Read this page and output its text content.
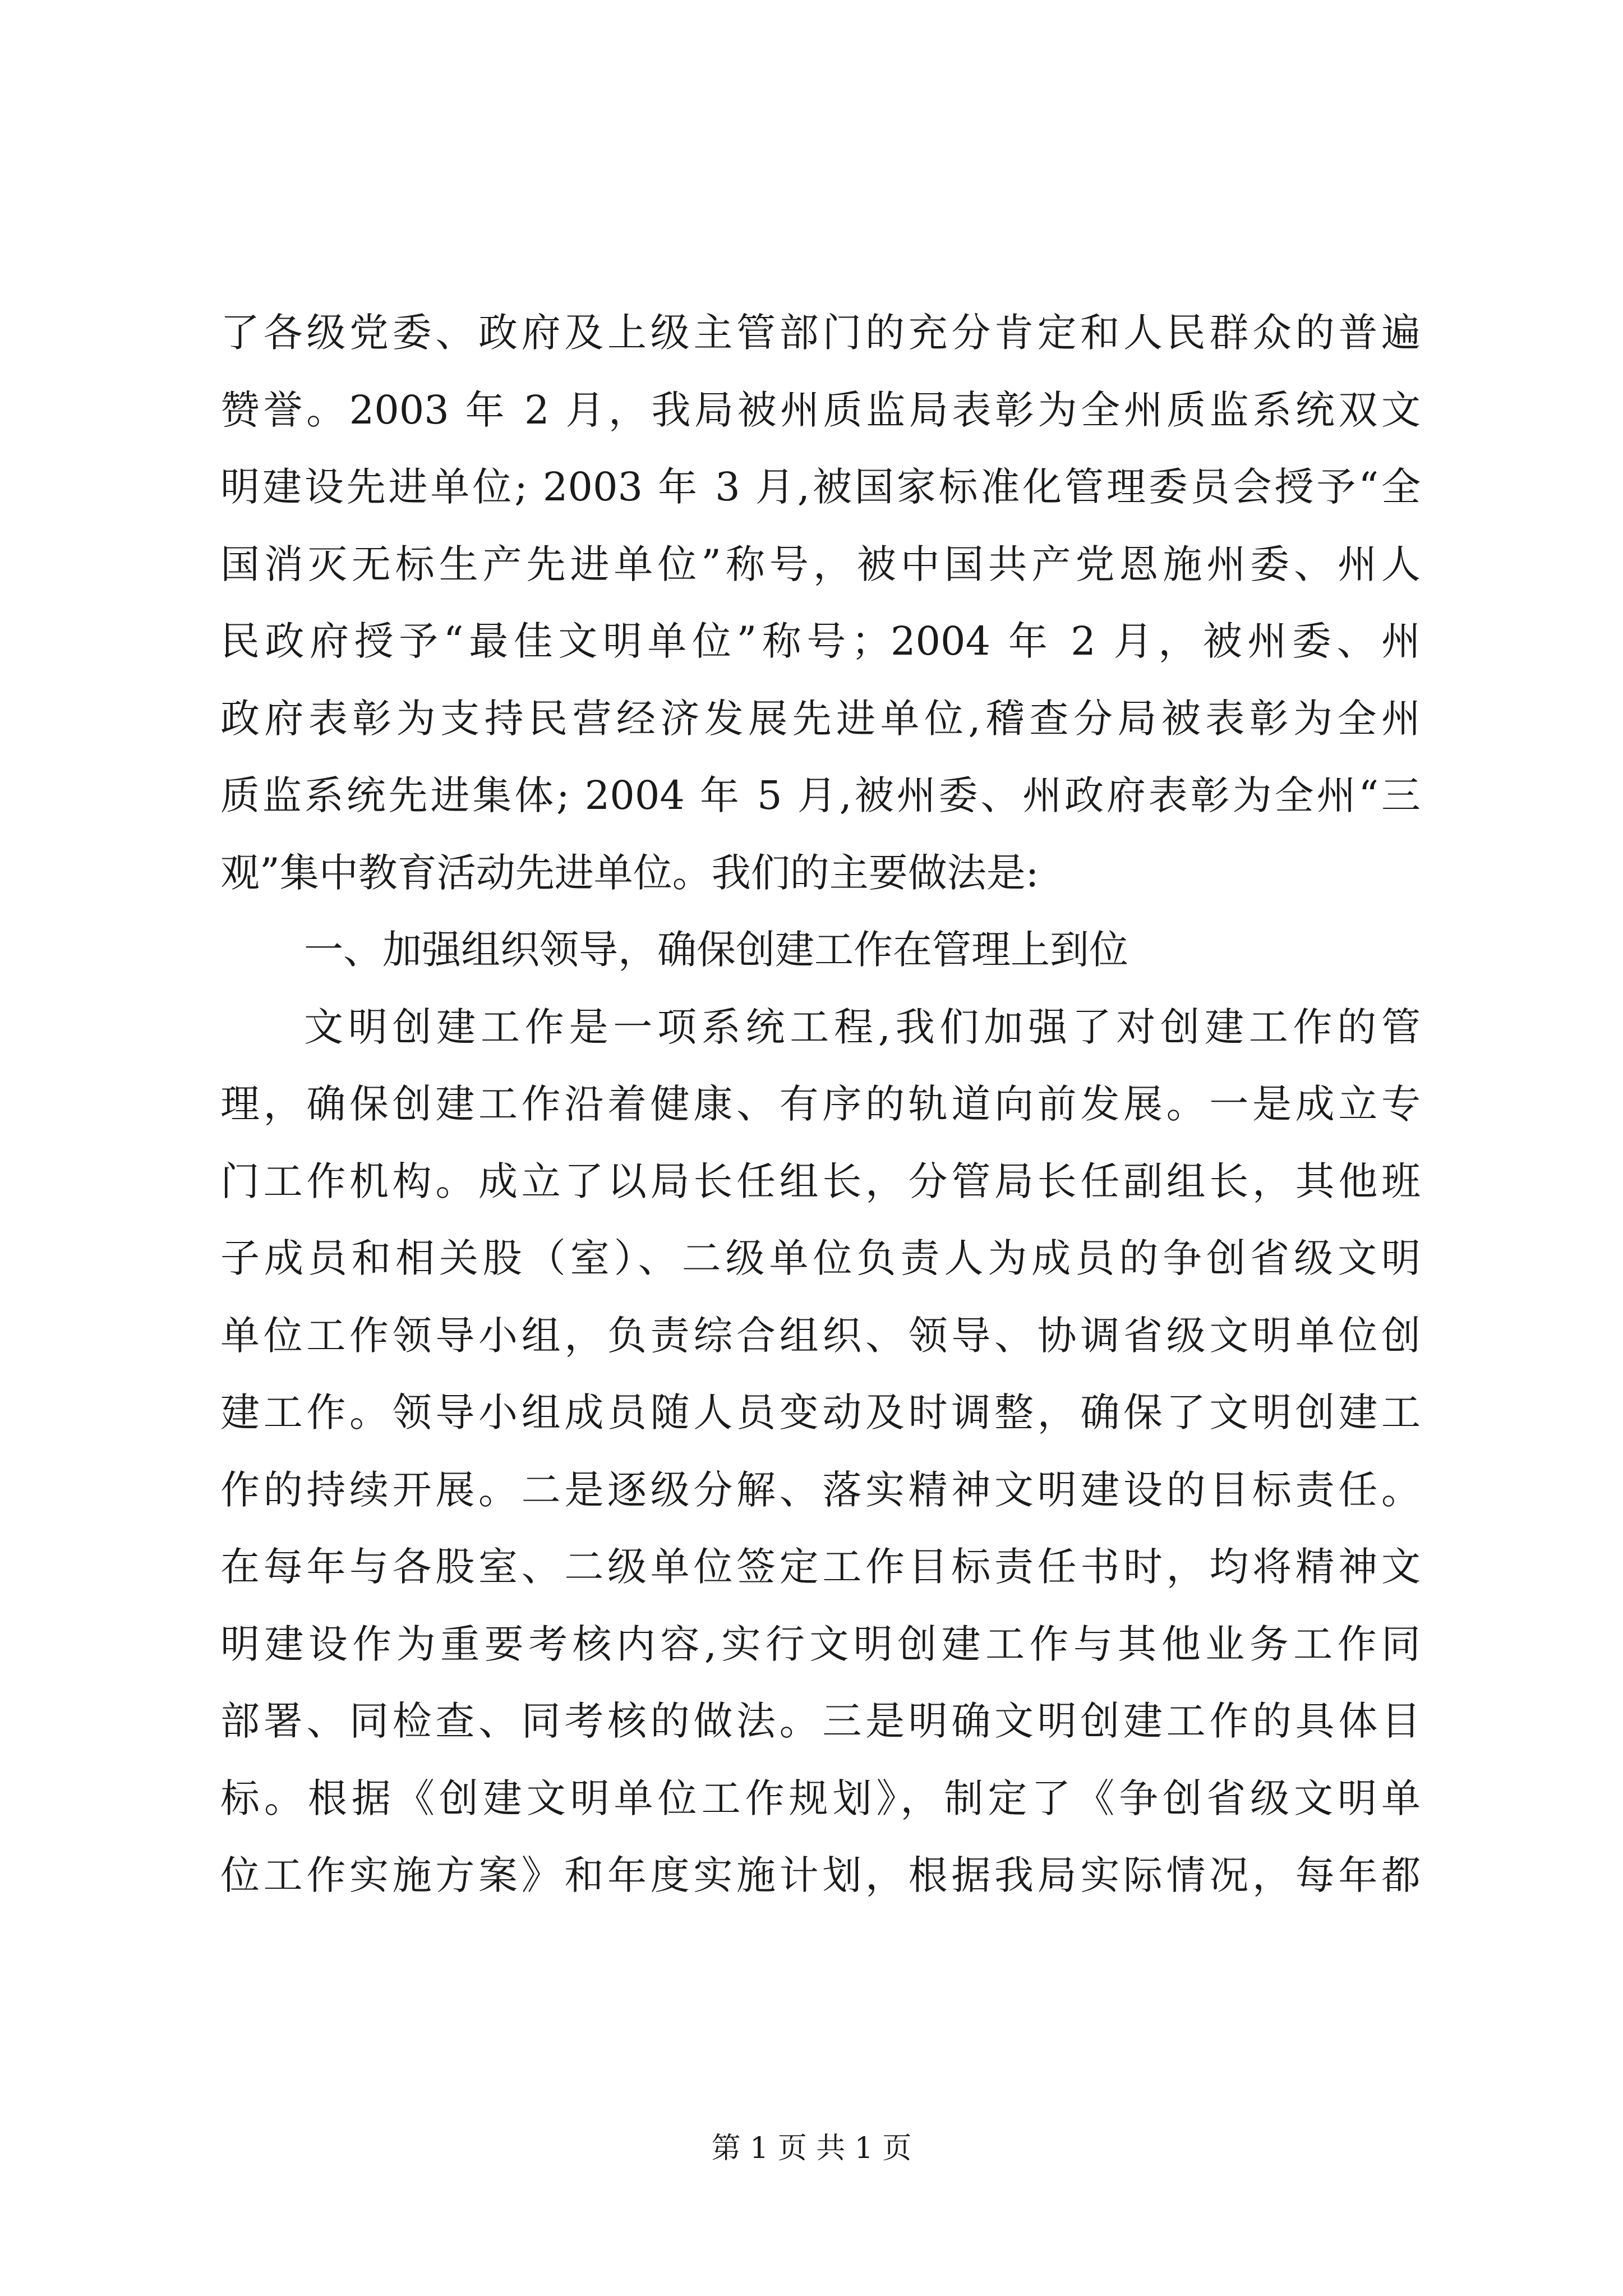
了各级党委、政府及上级主管部门的充分肯定和人民群众的普遍
赞誉。2003 年 2 月，我局被州质监局表彰为全州质监系统双文
明建设先进单位; 2003 年 3 月,被国家标准化管理委员会授予“全
国消灭无标生产先进单位”称号，被中国共产党恩施州委、州人
民政府授予“最佳文明单位”称号；2004 年 2 月，被州委、州
政府表彰为支持民营经济发展先进单位,稽查分局被表彰为全州
质监系统先进集体; 2004 年 5 月,被州委、州政府表彰为全州“三
观”集中教育活动先进单位。我们的主要做法是:
一、加强组织领导，确保创建工作在管理上到位
文明创建工作是一项系统工程,我们加强了对创建工作的管
理，确保创建工作沿着健康、有序的轨道向前发展。一是成立专
门工作机构。成立了以局长任组长，分管局长任副组长，其他班
子成员和相关股（室）、二级单位负责人为成员的争创省级文明
单位工作领导小组，负责综合组织、领导、协调省级文明单位创
建工作。领导小组成员随人员变动及时调整，确保了文明创建工
作的持续开展。二是逐级分解、落实精神文明建设的目标责任。
在每年与各股室、二级单位签定工作目标责任书时，均将精神文
明建设作为重要考核内容,实行文明创建工作与其他业务工作同
部署、同检查、同考核的做法。三是明确文明创建工作的具体目
标。根据《创建文明单位工作规划》，制定了《争创省级文明单
位工作实施方案》和年度实施计划，根据我局实际情况，每年都
第 1 页 共 1 页
